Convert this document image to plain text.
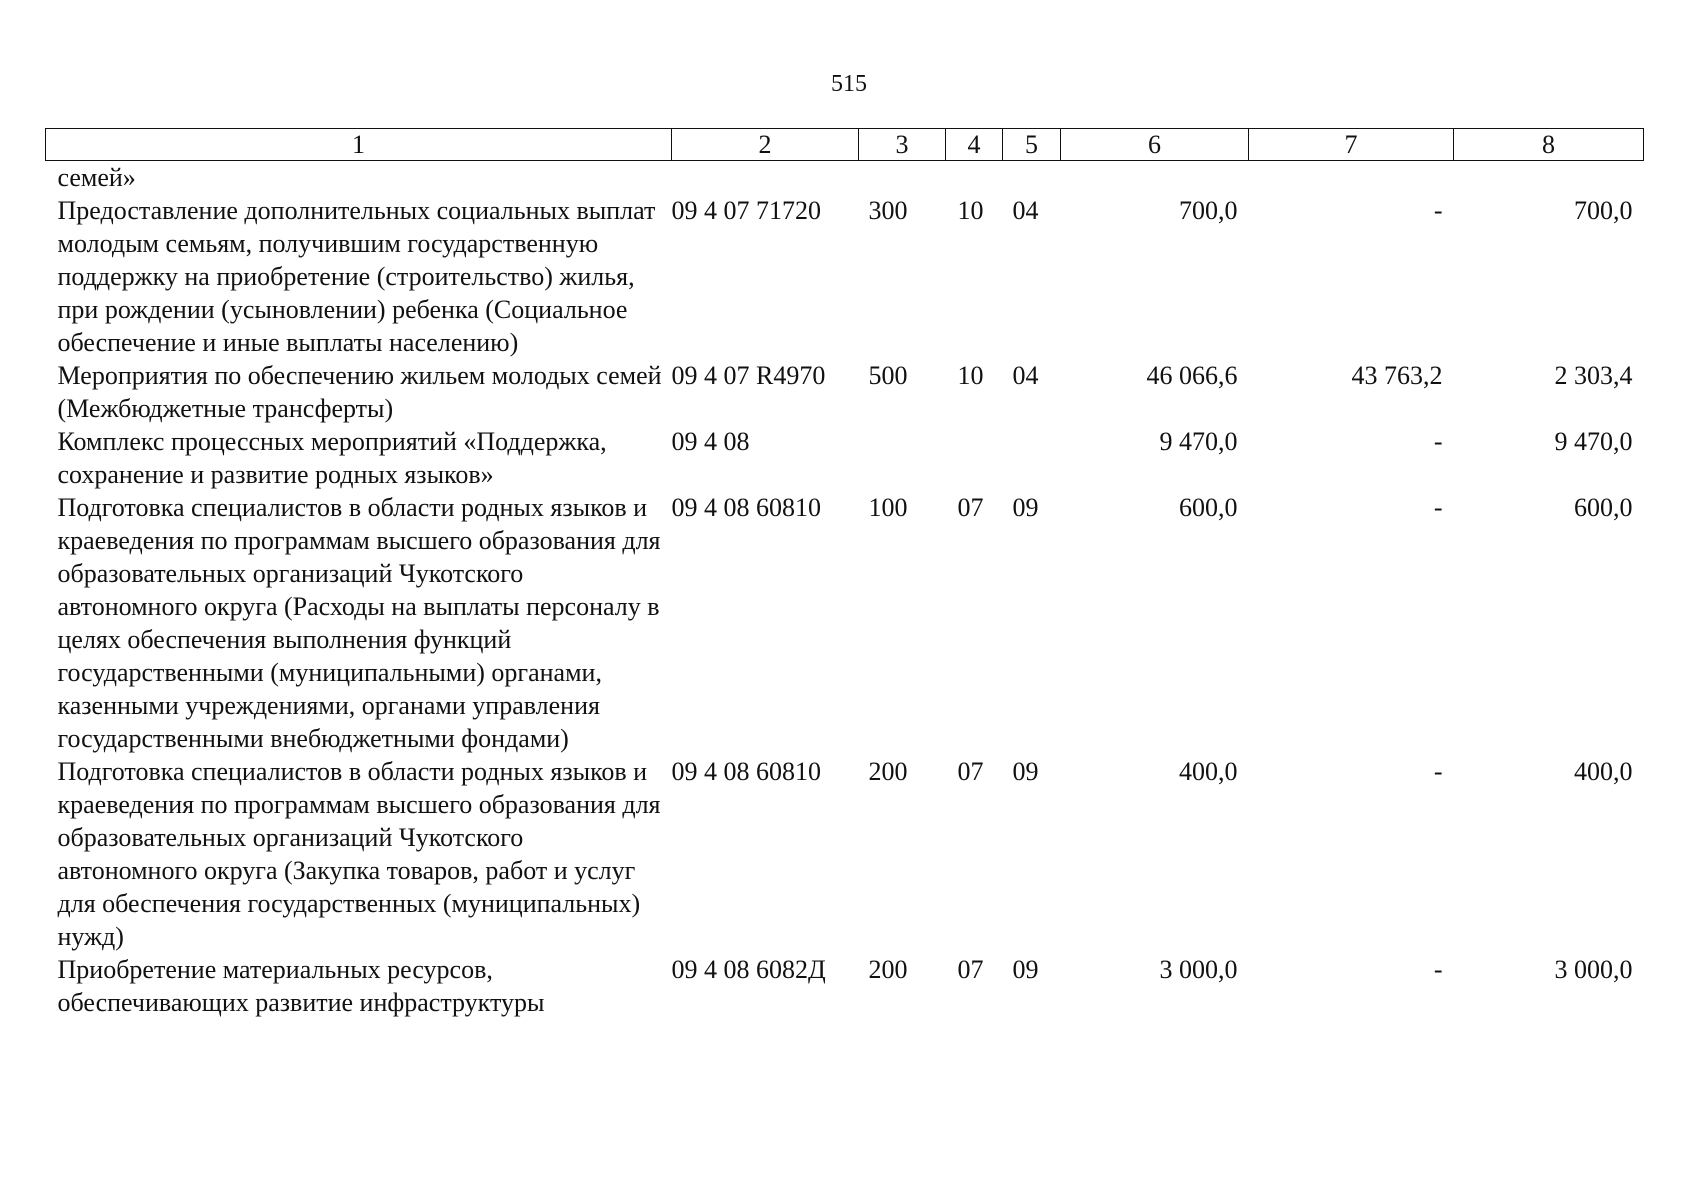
515
1	2	3	4	5	6	7	8
семей»							
Предоставление дополнительных социальных выплат молодым семьям, получившим государственную поддержку на приобретение (строительство) жилья, при рождении (усыновлении) ребенка (Социальное обеспечение и иные выплаты населению)	09 4 07 71720	300	10	04	700,0	-	700,0
Мероприятия по обеспечению жильем молодых семей (Межбюджетные трансферты)	09 4 07 R4970	500	10	04	46 066,6	43 763,2	2 303,4
Комплекс процессных мероприятий «Поддержка, сохранение и развитие родных языков»	09 4 08				9 470,0	-	9 470,0
Подготовка специалистов в области родных языков и краеведения по программам высшего образования для образовательных организаций Чукотского автономного округа (Расходы на выплаты персоналу в целях обеспечения выполнения функций государственными (муниципальными) органами, казенными учреждениями, органами управления государственными внебюджетными фондами)	09 4 08 60810	100	07	09	600,0	-	600,0
Подготовка специалистов в области родных языков и краеведения по программам высшего образования для образовательных организаций Чукотского автономного округа (Закупка товаров, работ и услуг для обеспечения государственных (муниципальных) нужд)	09 4 08 60810	200	07	09	400,0	-	400,0
Приобретение материальных ресурсов, обеспечивающих развитие инфраструктуры	09 4 08 6082Д	200	07	09	3 000,0	-	3 000,0
